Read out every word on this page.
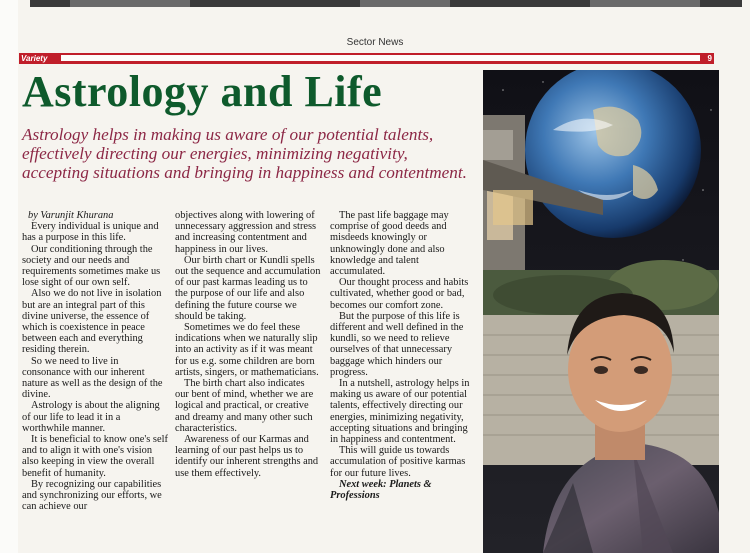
Sector News
Variety	9
Astrology and Life
Astrology helps in making us aware of our potential talents, effectively directing our energies, minimizing negativity, accepting situations and bringing in happiness and contentment.

by Varunjit Khurana

Every individual is unique and has a purpose in this life.

Our conditioning through the society and our needs and requirements sometimes make us lose sight of our own self.

Also we do not live in isolation but are an integral part of this divine universe, the essence of which is coexistence in peace between each and everything residing therein.

So we need to live in consonance with our inherent nature as well as the design of the divine.

Astrology is about the aligning of our life to lead it in a worthwhile manner.

It is beneficial to know one's self and to align it with one's vision also keeping in view the overall benefit of humanity.

By recognizing our capabilities and synchronizing our efforts, we can achieve our

objectives along with lowering of unnecessary aggression and stress and increasing contentment and happiness in our lives.

Our birth chart or Kundli spells out the sequence and accumulation of our past karmas leading us to the purpose of our life and also defining the future course we should be taking.

Sometimes we do feel these indications when we naturally slip into an activity as if it was meant for us e.g. some children are born artists, singers, or mathematicians.

The birth chart also indicates our bent of mind, whether we are logical and practical, or creative and dreamy and many other such characteristics.

Awareness of our Karmas and learning of our past helps us to identify our inherent strengths and use them effectively.

The past life baggage may comprise of good deeds and misdeeds knowingly or unknowingly done and also knowledge and talent accumulated.

Our thought process and habits cultivated, whether good or bad, becomes our comfort zone.

But the purpose of this life is different and well defined in the kundli, so we need to relieve ourselves of that unnecessary baggage which hinders our progress.

In a nutshell, astrology helps in making us aware of our potential talents, effectively directing our energies, minimizing negativity, accepting situations and bringing in happiness and contentment.

This will guide us towards accumulation of positive karmas for our future lives.

Next week: Planets & Professions
